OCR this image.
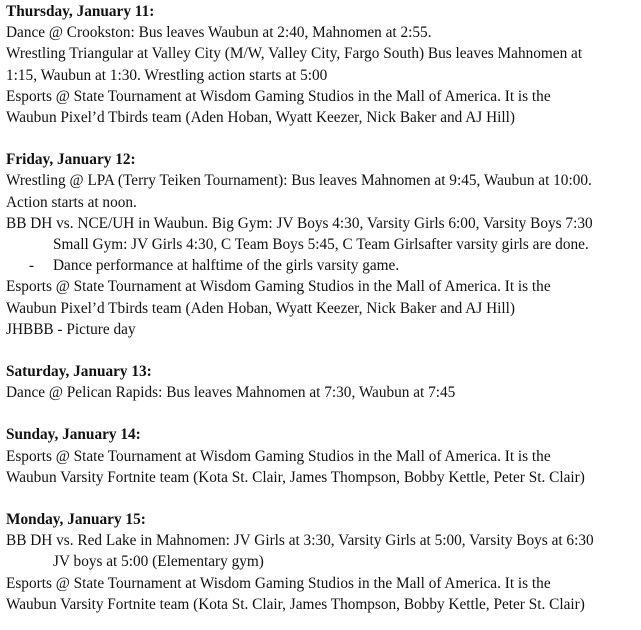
Thursday, January 11:
Dance @ Crookston: Bus leaves Waubun at 2:40, Mahnomen at 2:55.
Wrestling Triangular at Valley City (M/W, Valley City, Fargo South) Bus leaves Mahnomen at
1:15, Waubun at 1:30. Wrestling action starts at 5:00
Esports @ State Tournament at Wisdom Gaming Studios in the Mall of America. It is the
Waubun Pixel’d Tbirds team (Aden Hoban, Wyatt Keezer, Nick Baker and AJ Hill)
Friday, January 12:
Wrestling @ LPA (Terry Teiken Tournament): Bus leaves Mahnomen at 9:45, Waubun at 10:00.
Action starts at noon.
BB DH vs. NCE/UH in Waubun. Big Gym: JV Boys 4:30, Varsity Girls 6:00, Varsity Boys 7:30
Small Gym: JV Girls 4:30, C Team Boys 5:45, C Team Girlsafter varsity girls are done.
-	Dance performance at halftime of the girls varsity game.
Esports @ State Tournament at Wisdom Gaming Studios in the Mall of America. It is the
Waubun Pixel’d Tbirds team (Aden Hoban, Wyatt Keezer, Nick Baker and AJ Hill)
JHBBB - Picture day
Saturday, January 13:
Dance @ Pelican Rapids: Bus leaves Mahnomen at 7:30, Waubun at 7:45
Sunday, January 14:
Esports @ State Tournament at Wisdom Gaming Studios in the Mall of America. It is the
Waubun Varsity Fortnite team (Kota St. Clair, James Thompson, Bobby Kettle, Peter St. Clair)
Monday, January 15:
BB DH vs. Red Lake in Mahnomen: JV Girls at 3:30, Varsity Girls at 5:00, Varsity Boys at 6:30
JV boys at 5:00 (Elementary gym)
Esports @ State Tournament at Wisdom Gaming Studios in the Mall of America. It is the
Waubun Varsity Fortnite team (Kota St. Clair, James Thompson, Bobby Kettle, Peter St. Clair)
